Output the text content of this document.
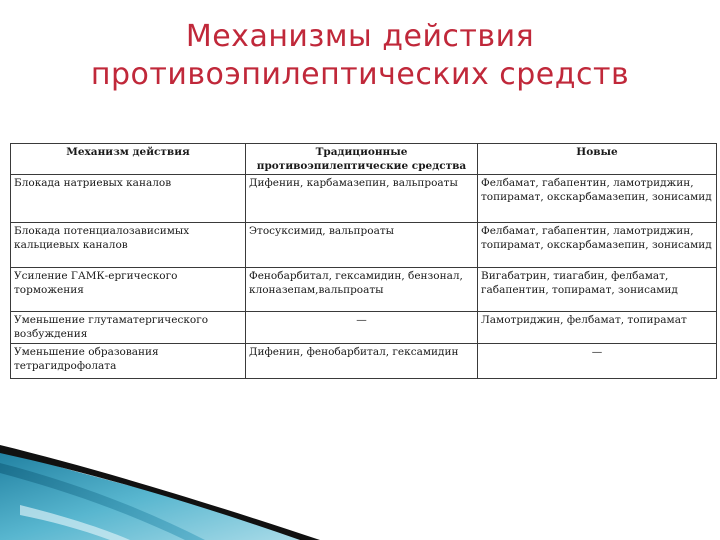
Механизмы действия
противоэпилептических средств
Механизм действия	Традиционные противоэпилептические средства	Новые
Блокада натриевых каналов	Дифенин, карбамазепин, вальпроаты	Фелбамат, габапентин, ламотриджин, топирамат, окскарбамазепин, зонисамид
Блокада потенциалозависимых кальциевых каналов	Этосуксимид, вальпроаты	Фелбамат, габапентин, ламотриджин, топирамат, окскарбамазепин, зонисамид
Усиление ГАМК-ергического торможения	Фенобарбитал, гексамидин, бензонал, клоназепам,вальпроаты	Вигабатрин, тиагабин, фелбамат, габапентин, топирамат, зонисамид
Уменьшение глутаматергического возбуждения	—	Ламотриджин, фелбамат, топирамат
Уменьшение образования тетрагидрофолата	Дифенин, фенобарбитал, гексамидин	—
